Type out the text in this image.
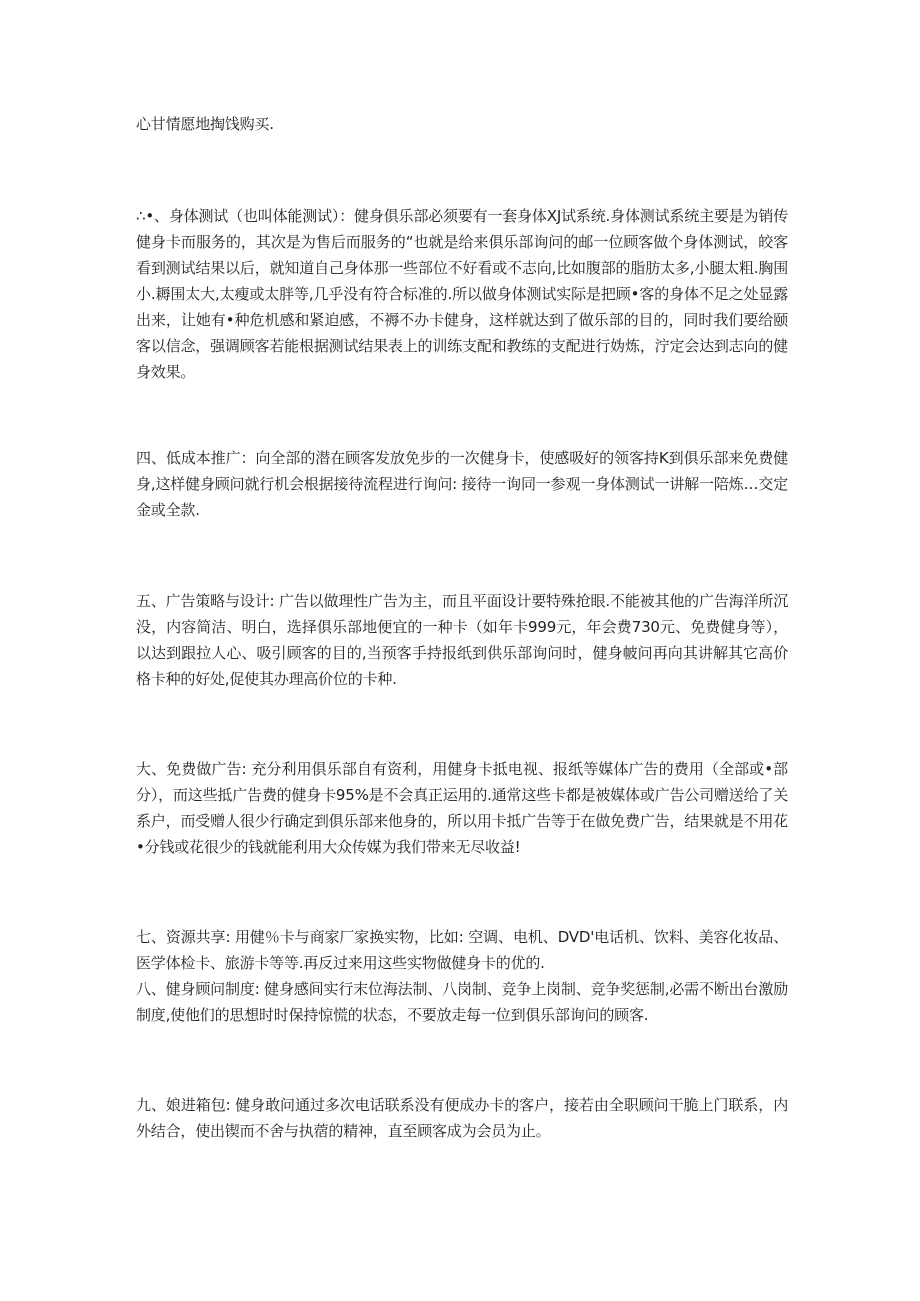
心甘情愿地掏饯购买.

∴•、身体测试（也叫体能测试）：健身俱乐部必须要有一套身体XJ试系统.身体测试系统主要是为销传健身卡而服务的，其次是为售后而服务的“也就是给来俱乐部询问的邮一位顾客做个身体测试，皎客看到测试结果以后，就知道自己身体那一些部位不好看或不志向,比如腹部的脂肪太多,小腿太粗.胸围小.耨围太大,太瘦或太胖等,几乎没有符合标准的.所以做身体测试实际是把顾•客的身体不足之处显露出来，让她有•种危机感和紧迫感，不褥不办卡健身，这样就达到了做乐部的目的，同时我们要给颐客以信念，强调顾客若能根据测试结果表上的训练支配和教练的支配进行妫炼，泞定会达到志向的健身效果。

四、低成本推广：向全部的潜在顾客发放免步的一次健身卡，使感吸好的领客持K到俱乐部来免费健身,这样健身顾问就行机会根据接待流程进行询问: 接待一询同一参观一身体测试一讲解一陪炼…交定金或全款.

五、广告策略与设计: 广告以做理性广告为主，而且平面设计要特殊抢眼.不能被其他的广告海洋所沉没，内容简洁、明白，选择俱乐部地便宜的一种卡（如年卡999元，年会费730元、免费健身等），以达到跟拉人心、吸引顾客的目的,当预客手持报纸到供乐部询问时，健身帔问再向其讲解其它高价格卡种的好处,促使其办理高价位的卡种.

⼤、免费做广告: 充分利用俱乐部自有资利，用健身卡抵电视、报纸等媒体广告的费用（全部或•部分），而这些抵广告费的健身卡95%是不会真正运用的.通常这些卡都是被媒体或广告公司赠送给了关系户，而受赠人很少行确定到俱乐部来他身的，所以用卡抵广告等于在做免费广告，结果就是不用花•分钱或花很少的钱就能利用大众传媒为我们带来无尽收益!

七、资源共享: 用健％卡与商家厂家换实物，比如: 空调、电机、DVD'电话机、饮料、美容化妆品、医学体检卡、旅游卡等等.再反过来用这些实物做健身卡的优的.

八、健身顾问制度: 健身感间实行末位海法制、八岗制、竞争上岗制、竞争奖惩制,必需不断出台激励制度,使他们的思想时时保持惊慌的状态，不要放走每一位到俱乐部询问的顾客.

九、娘进箱包: 健身敢问通过多次电话联系没有便成办卡的客户，接若由全职顾问干脆上门联系，内外结合，使出锲而不舍与执蓿的精神，直至顾客成为会员为止。
